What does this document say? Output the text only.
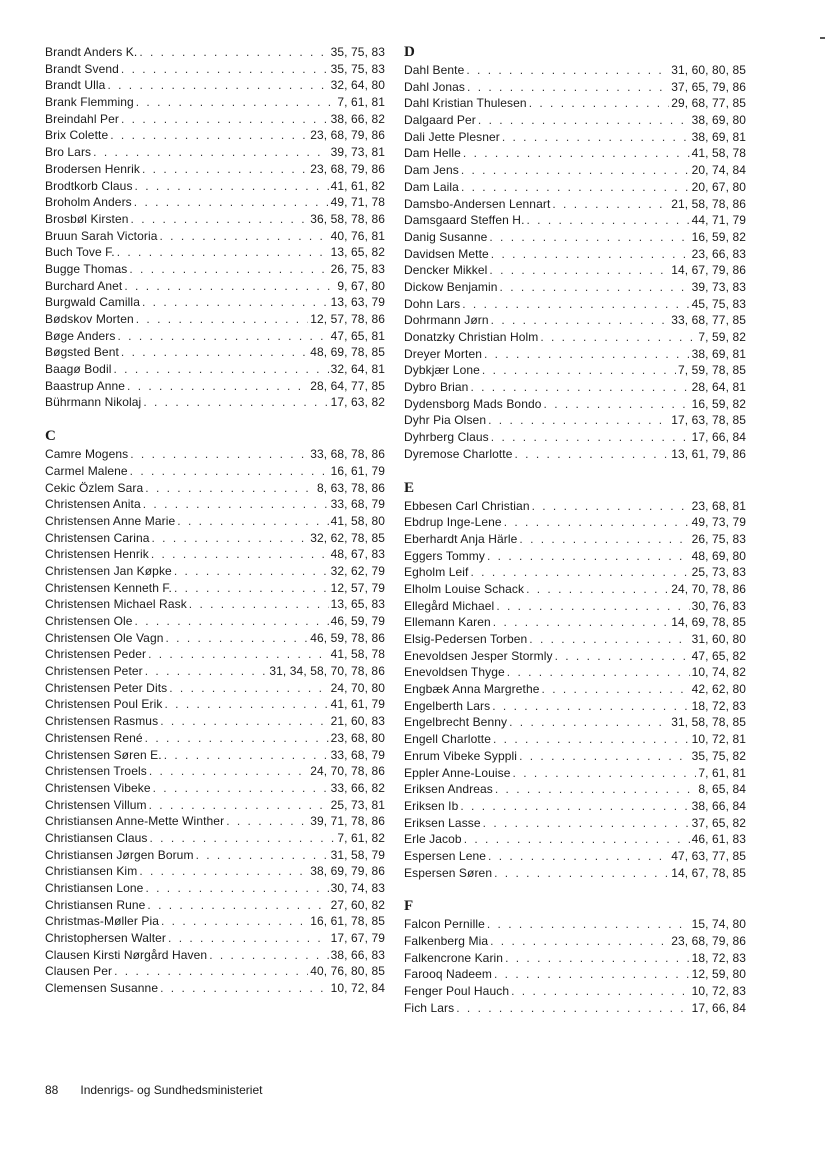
Brandt Anders K. . . .	35, 75, 83
Brandt Svend . . .	35, 75, 83
Brandt Ulla . . .	32, 64, 80
Brank Flemming . . .	7, 61, 81
Breindahl Per . . .	38, 66, 82
Brix Colette . . .	23, 68, 79, 86
Bro Lars . . .	39, 73, 81
Brodersen Henrik . . .	23, 68, 79, 86
Brodtkorb Claus . . .	41, 61, 82
Broholm Anders . . .	49, 71, 78
Brosbøl Kirsten . . .	36, 58, 78, 86
Bruun Sarah Victoria . . .	40, 76, 81
Buch Tove F. . . .	13, 65, 82
Bugge Thomas . . .	26, 75, 83
Burchard Anet . . .	9, 67, 80
Burgwald Camilla . . .	13, 63, 79
Bødskov Morten . . .	12, 57, 78, 86
Bøge Anders . . .	47, 65, 81
Bøgsted Bent . . .	48, 69, 78, 85
Baagø Bodil . . .	32, 64, 81
Baastrup Anne . . .	28, 64, 77, 85
Bührmann Nikolaj . . .	17, 63, 82
C
Camre Mogens . . .	33, 68, 78, 86
Carmel Malene . . .	16, 61, 79
Cekic Özlem Sara . . .	8, 63, 78, 86
Christensen Anita . . .	33, 68, 79
Christensen Anne Marie . . .	41, 58, 80
Christensen Carina . . .	32, 62, 78, 85
Christensen Henrik . . .	48, 67, 83
Christensen Jan Køpke . . .	32, 62, 79
Christensen Kenneth F. . . .	12, 57, 79
Christensen Michael Rask . . .	13, 65, 83
Christensen Ole . . .	46, 59, 79
Christensen Ole Vagn . . .	46, 59, 78, 86
Christensen Peder . . .	41, 58, 78
Christensen Peter . . .	31, 34, 58, 70, 78, 86
Christensen Peter Dits . . .	24, 70, 80
Christensen Poul Erik . . .	41, 61, 79
Christensen Rasmus . . .	21, 60, 83
Christensen René . . .	23, 68, 80
Christensen Søren E. . . .	33, 68, 79
Christensen Troels . . .	24, 70, 78, 86
Christensen Vibeke . . .	33, 66, 82
Christensen Villum . . .	25, 73, 81
Christiansen Anne-Mette Winther . . .	39, 71, 78, 86
Christiansen Claus . . .	7, 61, 82
Christiansen Jørgen Borum . . .	31, 58, 79
Christiansen Kim . . .	38, 69, 79, 86
Christiansen Lone . . .	30, 74, 83
Christiansen Rune . . .	27, 60, 82
Christmas-Møller Pia . . .	16, 61, 78, 85
Christophersen Walter . . .	17, 67, 79
Clausen Kirsti Nørgård Haven . . .	38, 66, 83
Clausen Per . . .	40, 76, 80, 85
Clemensen Susanne . . .	10, 72, 84
D
Dahl Bente . . .	31, 60, 80, 85
Dahl Jonas . . .	37, 65, 79, 86
Dahl Kristian Thulesen . . .	29, 68, 77, 85
Dalgaard Per . . .	38, 69, 80
Dali Jette Plesner . . .	38, 69, 81
Dam Helle . . .	41, 58, 78
Dam Jens . . .	20, 74, 84
Dam Laila . . .	20, 67, 80
Damsbo-Andersen Lennart . . .	21, 58, 78, 86
Damsgaard Steffen H. . . .	44, 71, 79
Danig Susanne . . .	16, 59, 82
Davidsen Mette . . .	23, 66, 83
Dencker Mikkel . . .	14, 67, 79, 86
Dickow Benjamin . . .	39, 73, 83
Dohn Lars . . .	45, 75, 83
Dohrmann Jørn . . .	33, 68, 77, 85
Donatzky Christian Holm . . .	7, 59, 82
Dreyer Morten . . .	38, 69, 81
Dybkjær Lone . . .	7, 59, 78, 85
Dybro Brian . . .	28, 64, 81
Dydensborg Mads Bondo . . .	16, 59, 82
Dyhr Pia Olsen . . .	17, 63, 78, 85
Dyhrberg Claus . . .	17, 66, 84
Dyremose Charlotte . . .	13, 61, 79, 86
E
Ebbesen Carl Christian . . .	23, 68, 81
Ebdrup Inge-Lene . . .	49, 73, 79
Eberhardt Anja Härle . . .	26, 75, 83
Eggers Tommy . . .	48, 69, 80
Egholm Leif . . .	25, 73, 83
Elholm Louise Schack . . .	24, 70, 78, 86
Ellegård Michael . . .	30, 76, 83
Ellemann Karen . . .	14, 69, 78, 85
Elsig-Pedersen Torben . . .	31, 60, 80
Enevoldsen Jesper Stormly . . .	47, 65, 82
Enevoldsen Thyge . . .	10, 74, 82
Engbæk Anna Margrethe . . .	42, 62, 80
Engelberth Lars . . .	18, 72, 83
Engelbrecht Benny . . .	31, 58, 78, 85
Engell Charlotte . . .	10, 72, 81
Enrum Vibeke Syppli . . .	35, 75, 82
Eppler Anne-Louise . . .	7, 61, 81
Eriksen Andreas . . .	8, 65, 84
Eriksen Ib . . .	38, 66, 84
Eriksen Lasse . . .	37, 65, 82
Erle Jacob . . .	46, 61, 83
Espersen Lene . . .	47, 63, 77, 85
Espersen Søren . . .	14, 67, 78, 85
F
Falcon Pernille . . .	15, 74, 80
Falkenberg Mia . . .	23, 68, 79, 86
Falkencrone Karin . . .	18, 72, 83
Farooq Nadeem . . .	12, 59, 80
Fenger Poul Hauch . . .	10, 72, 83
Fich Lars . . .	17, 66, 84
88 Indenrigs- og Sundhedsministeriet
